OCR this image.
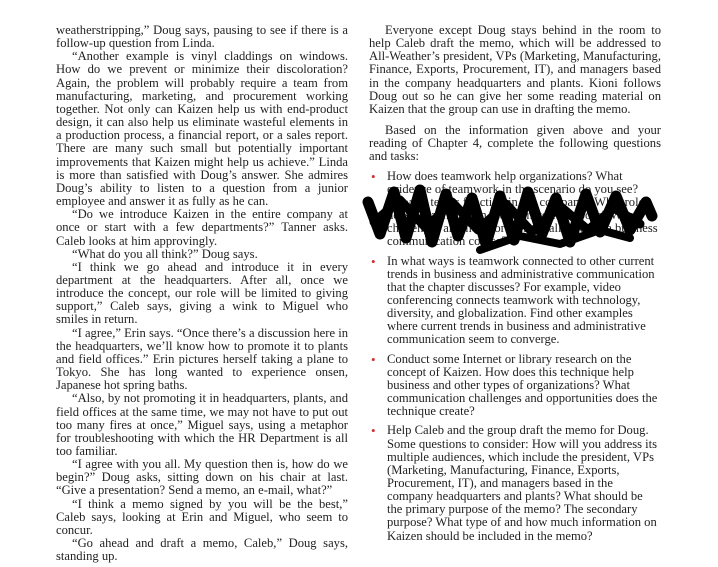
weatherstripping,” Doug says, pausing to see if there is a follow-up question from Linda.

“Another example is vinyl claddings on windows. How do we prevent or minimize their discoloration? Again, the problem will probably require a team from manufacturing, marketing, and procurement working together. Not only can Kaizen help us with end-product design, it can also help us eliminate wasteful elements in a production process, a financial report, or a sales report. There are many such small but potentially important improvements that Kaizen might help us achieve.” Linda is more than satisfied with Doug’s answer. She admires Doug’s ability to listen to a question from a junior employee and answer it as fully as he can.

“Do we introduce Kaizen in the entire company at once or start with a few departments?” Tanner asks. Caleb looks at him approvingly.

“What do you all think?” Doug says.

“I think we go ahead and introduce it in every department at the headquarters. After all, once we introduce the concept, our role will be limited to giving support,” Caleb says, giving a wink to Miguel who smiles in return.

“I agree,” Erin says. “Once there’s a discussion here in the headquarters, we’ll know how to promote it to plants and field offices.” Erin pictures herself taking a plane to Tokyo. She has long wanted to experience onsen, Japanese hot spring baths.

“Also, by not promoting it in headquarters, plants, and field offices at the same time, we may not have to put out too many fires at once,” Miguel says, using a metaphor for troubleshooting with which the HR Department is all too familiar.

“I agree with you all. My question then is, how do we begin?” Doug asks, sitting down on his chair at last. “Give a presentation? Send a memo, an e-mail, what?”

“I think a memo signed by you will be the best,” Caleb says, looking at Erin and Miguel, who seem to concur.

“Go ahead and draft a memo, Caleb,” Doug says, standing up.

Everyone except Doug stays behind in the room to help Caleb draft the memo, which will be addressed to All-Weather’s president, VPs (Marketing, Manufacturing, Finance, Exports, Procurement, IT), and managers based in the company headquarters and plants. Kioni follows Doug out so he can give her some reading material on Kaizen that the group can use in drafting the memo.

Based on the information given above and your reading of Chapter 4, complete the following questions and tasks:

• How does teamwork help organizations? What evidence of teamwork in the scenario do you see? How do teams function in the company? What role does Kaizen play in the teamwork purpose? What challenges are there for these challenges in a business communication course?
• In what ways is teamwork connected to other current trends in business and administrative communication that the chapter discusses? For example, video conferencing connects teamwork with technology, diversity, and globalization. Find other examples where current trends in business and administrative communication seem to converge.
• Conduct some Internet or library research on the concept of Kaizen. How does this technique help business and other types of organizations? What communication challenges and opportunities does the technique create?
• Help Caleb and the group draft the memo for Doug. Some questions to consider: How will you address its multiple audiences, which include the president, VPs (Marketing, Manufacturing, Finance, Exports, Procurement, IT), and managers based in the company headquarters and plants? What should be the primary purpose of the memo? The secondary purpose? What type of and how much information on Kaizen should be included in the memo?
